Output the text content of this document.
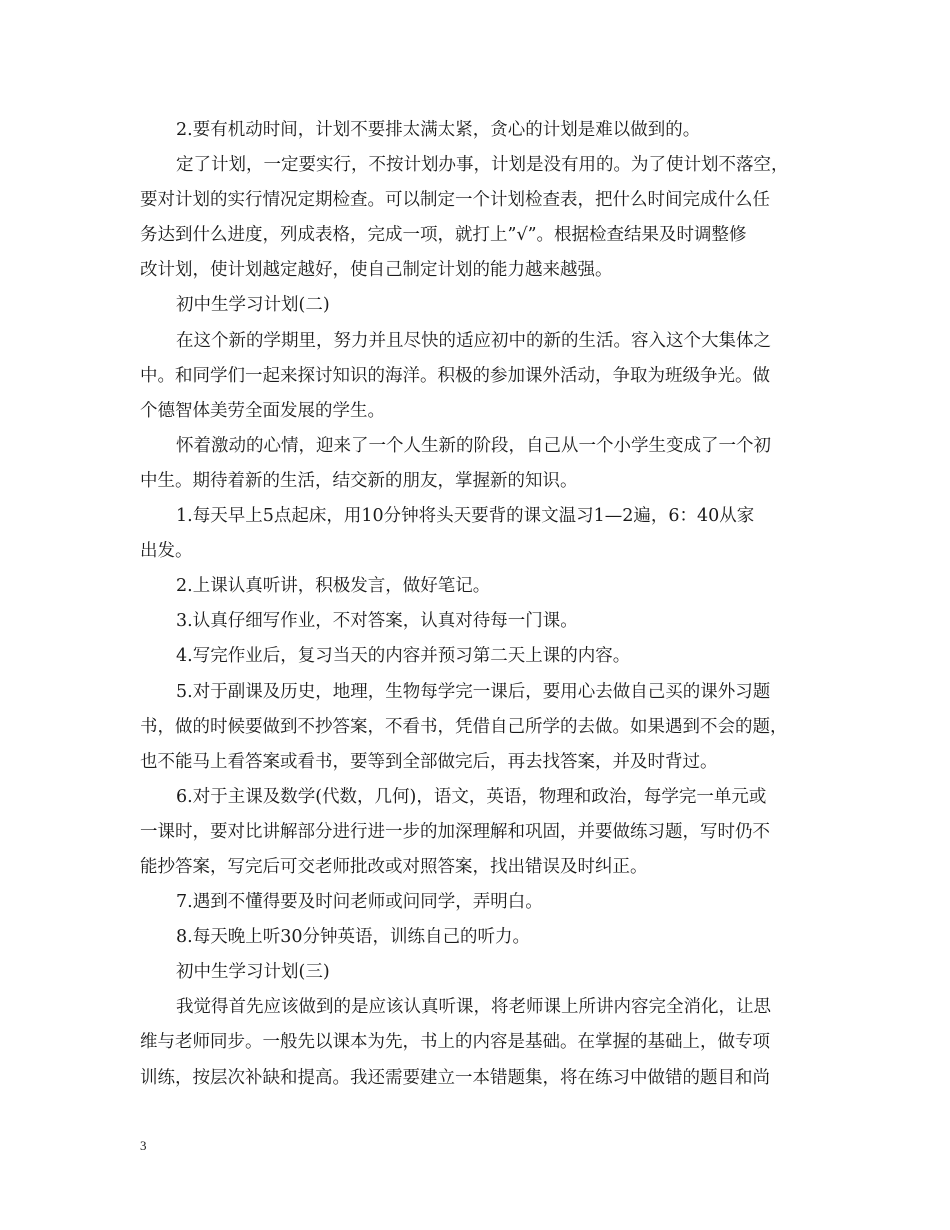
2.要有机动时间，计划不要排太满太紧，贪心的计划是难以做到的。
定了计划，一定要实行，不按计划办事，计划是没有用的。为了使计划不落空，
要对计划的实行情况定期检查。可以制定一个计划检查表，把什么时间完成什么任
务达到什么进度，列成表格，完成一项，就打上”√”。根据检查结果及时调整修
改计划，使计划越定越好，使自己制定计划的能力越来越强。
初中生学习计划(二)
在这个新的学期里，努力并且尽快的适应初中的新的生活。容入这个大集体之
中。和同学们一起来探讨知识的海洋。积极的参加课外活动，争取为班级争光。做
个德智体美劳全面发展的学生。
怀着激动的心情，迎来了一个人生新的阶段，自己从一个小学生变成了一个初
中生。期待着新的生活，结交新的朋友，掌握新的知识。
1.每天早上5点起床，用10分钟将头天要背的课文温习1—2遍，6：40从家
出发。
2.上课认真听讲，积极发言，做好笔记。
3.认真仔细写作业，不对答案，认真对待每一门课。
4.写完作业后，复习当天的内容并预习第二天上课的内容。
5.对于副课及历史，地理，生物每学完一课后，要用心去做自己买的课外习题
书，做的时候要做到不抄答案，不看书，凭借自己所学的去做。如果遇到不会的题，
也不能马上看答案或看书，要等到全部做完后，再去找答案，并及时背过。
6.对于主课及数学(代数，几何)，语文，英语，物理和政治，每学完一单元或
一课时，要对比讲解部分进行进一步的加深理解和巩固，并要做练习题，写时仍不
能抄答案，写完后可交老师批改或对照答案，找出错误及时纠正。
7.遇到不懂得要及时问老师或问同学，弄明白。
8.每天晚上听30分钟英语，训练自己的听力。
初中生学习计划(三)
我觉得首先应该做到的是应该认真听课，将老师课上所讲内容完全消化，让思
维与老师同步。一般先以课本为先，书上的内容是基础。在掌握的基础上，做专项
训练，按层次补缺和提高。我还需要建立一本错题集，将在练习中做错的题目和尚
3
